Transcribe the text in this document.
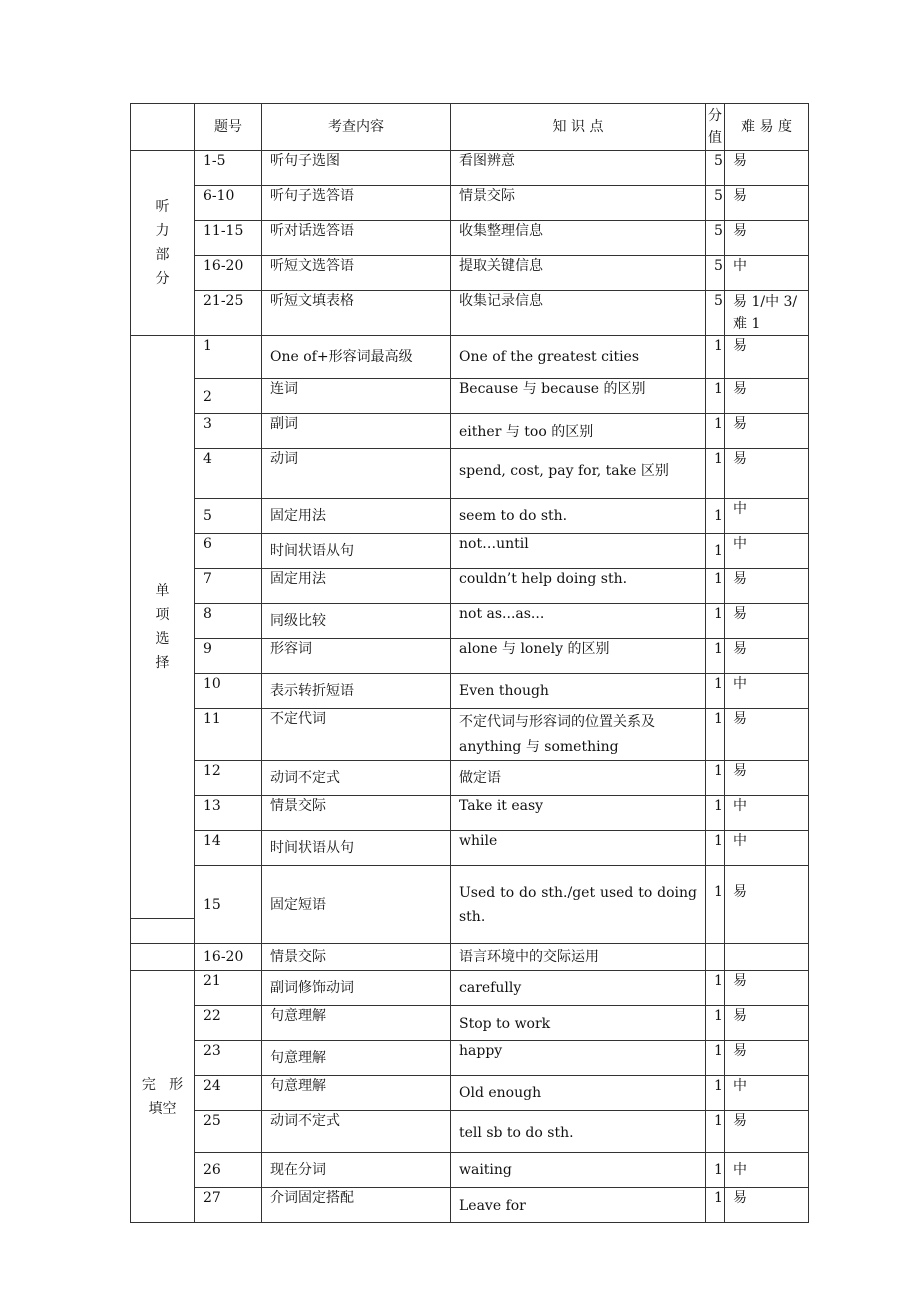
	题号	考查内容	知 识 点	分值	难 易 度

听
力
部
分	1-5	听句子选图	看图辨意	5	易
	6-10	听句子选答语	情景交际	5	易
	11-15	听对话选答语	收集整理信息	5	易
	16-20	听短文选答语	提取关键信息	5	中
	21-25	听短文填表格	收集记录信息	5	易 1/中 3/难 1

单
项
选
择	1	One of+形容词最高级	One of the greatest cities	1	易
	2	连词	Because 与 because 的区别	1	易
	3	副词	either 与 too 的区别	1	易
	4	动词	spend, cost, pay for, take 区别	1	易
	5	固定用法	seem to do sth.	1	中
	6	时间状语从句	not…until	1	中
	7	固定用法	couldn’t help doing sth.	1	易
	8	同级比较	not as...as...	1	易
	9	形容词	alone 与 lonely 的区别	1	易
	10	表示转折短语	Even though	1	中
	11	不定代词	不定代词与形容词的位置关系及 anything 与 something	1	易
	12	动词不定式	做定语	1	易
	13	情景交际	Take it easy	1	中
	14	时间状语从句	while	1	中
	15	固定短语	Used to do sth./get used to doing sth.	1	易

	16-20	情景交际	语言环境中的交际运用		

完 形
填空	21	副词修饰动词	carefully	1	易
	22	句意理解	Stop to work	1	易
	23	句意理解	happy	1	易
	24	句意理解	Old enough	1	中
	25	动词不定式	tell sb to do sth.	1	易
	26	现在分词	waiting	1	中
	27	介词固定搭配	Leave for	1	易
